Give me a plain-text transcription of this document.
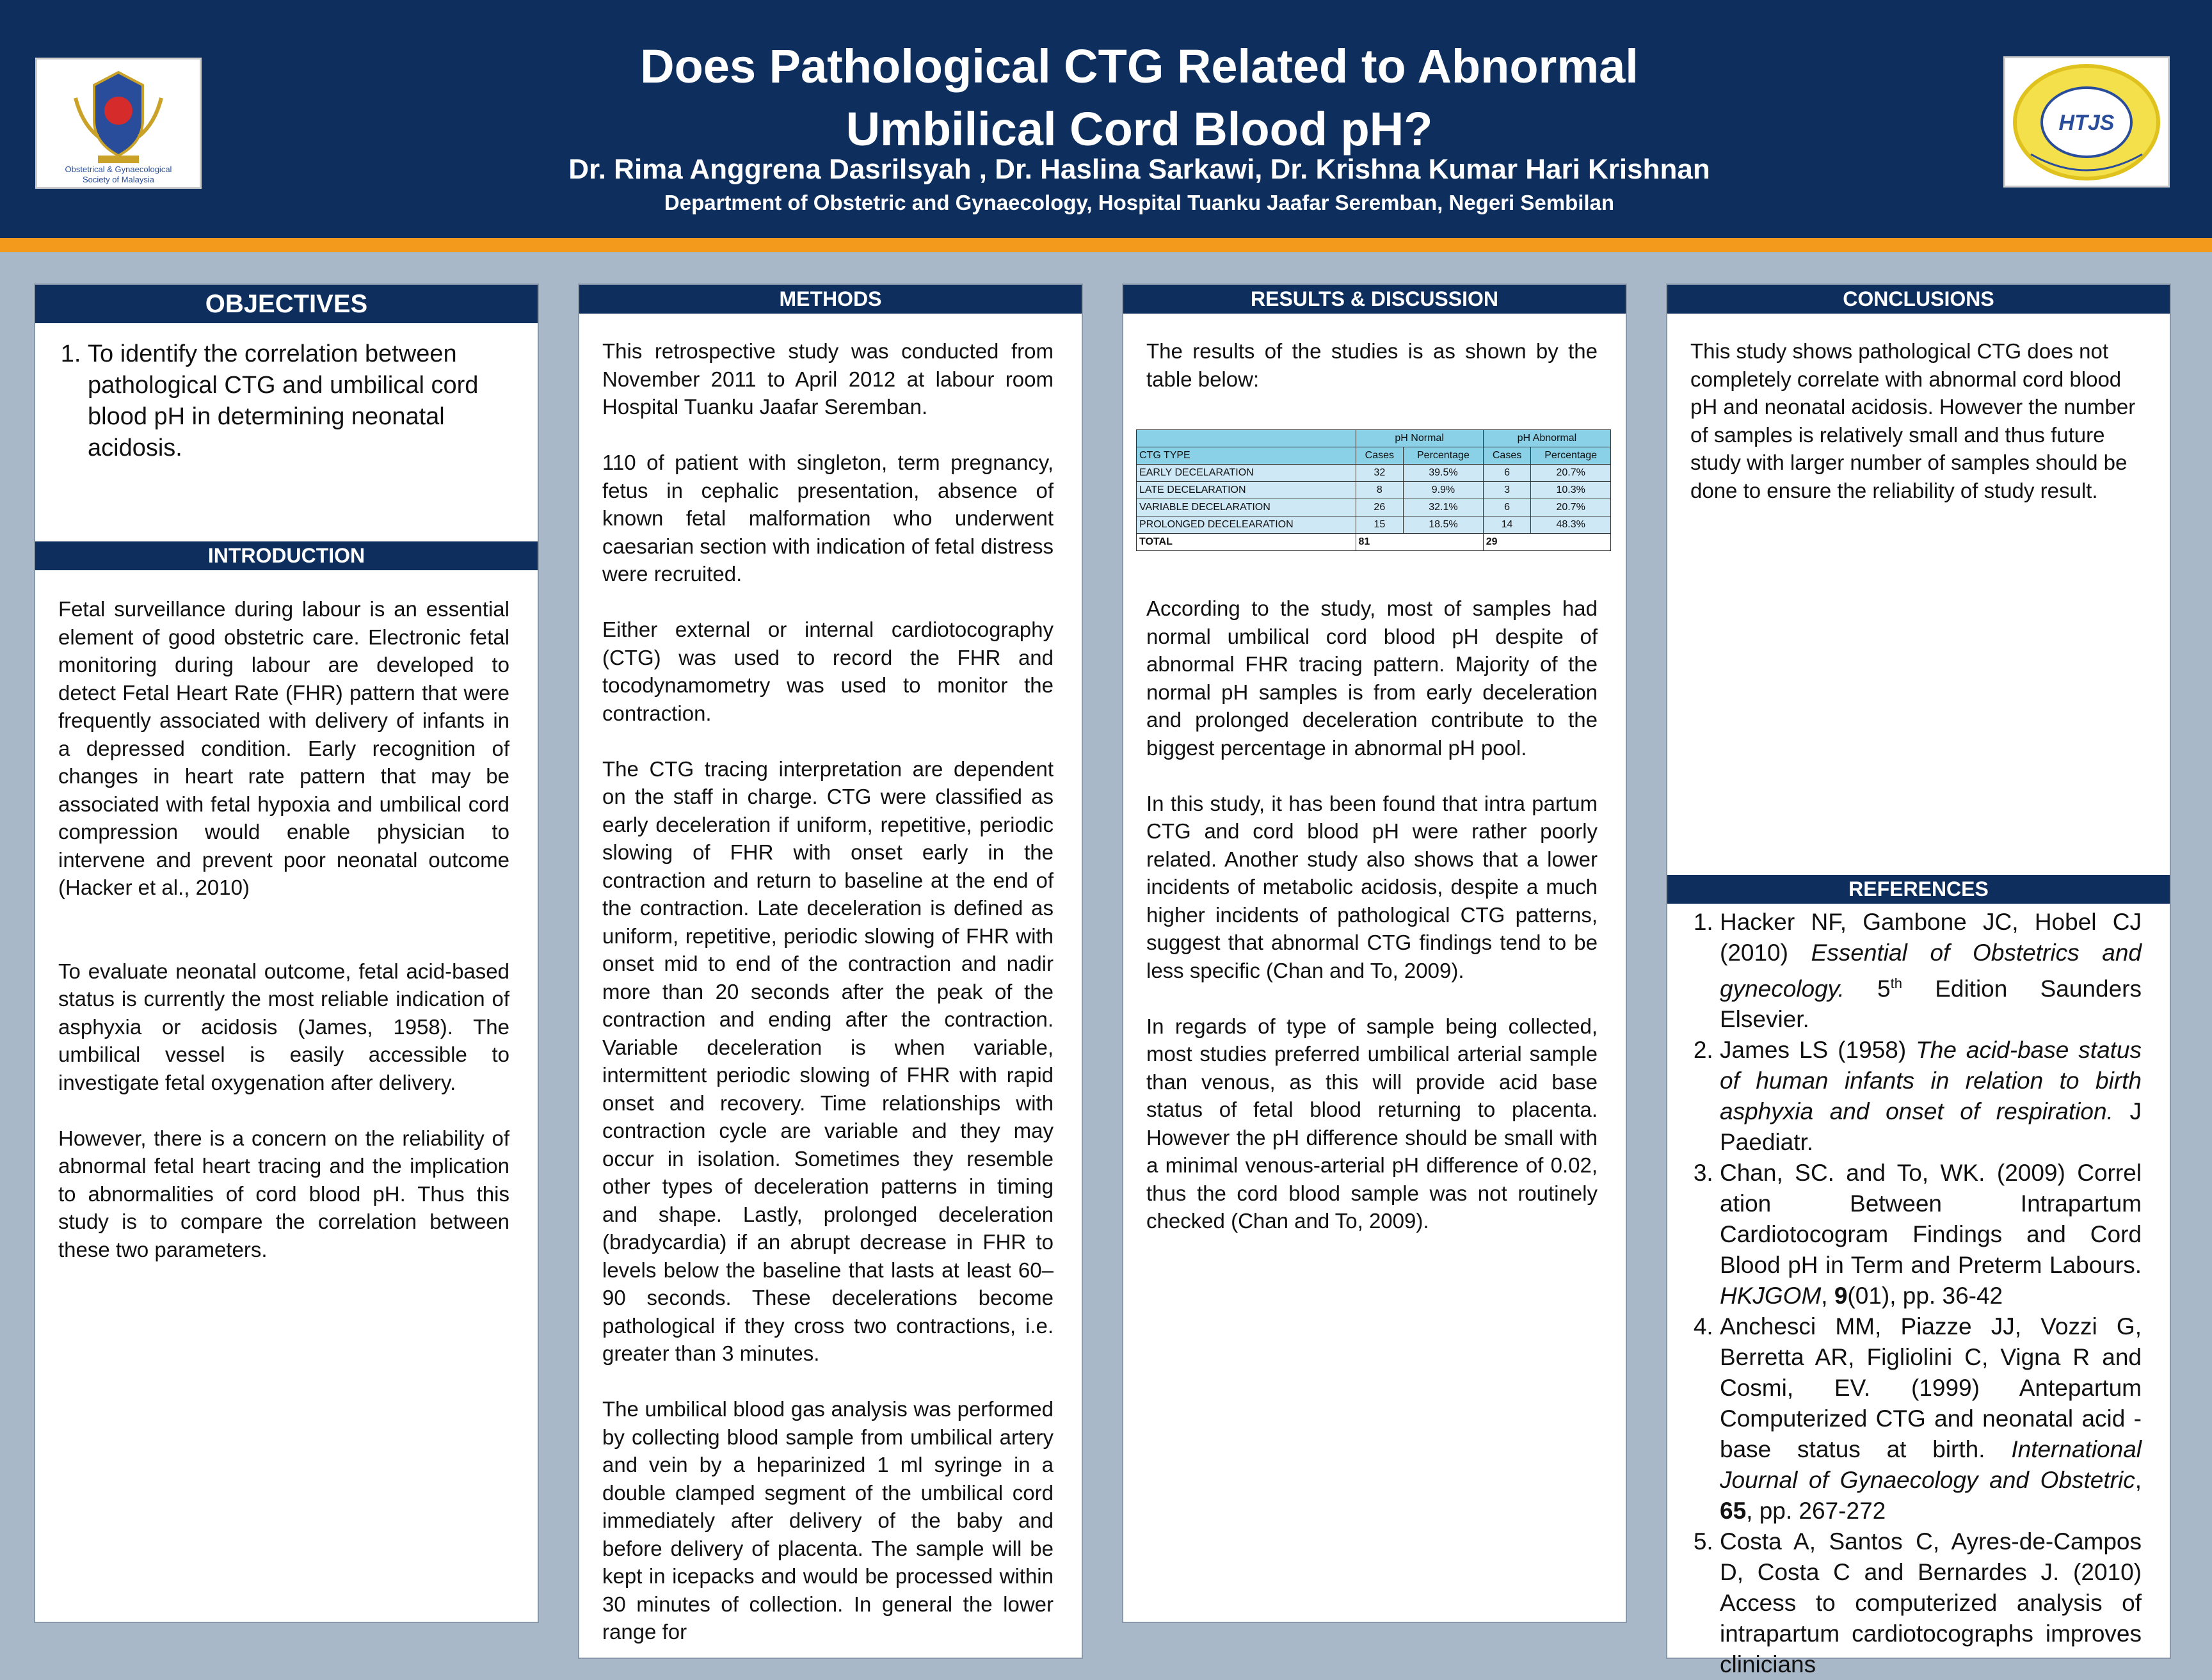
Obstetrical & Gynaecological
Society of Malaysia
Does Pathological CTG Related to Abnormal
Umbilical Cord Blood pH?
Dr. Rima Anggrena Dasrilsyah , Dr. Haslina Sarkawi, Dr. Krishna Kumar Hari Krishnan
Department of Obstetric and Gynaecology, Hospital Tuanku Jaafar Seremban, Negeri Sembilan
HTJS
OBJECTIVES
1. To identify the correlation between pathological CTG and umbilical cord blood pH in determining neonatal acidosis.
INTRODUCTION

Fetal surveillance during labour is an essential element of good obstetric care. Electronic fetal monitoring during labour are developed to detect Fetal Heart Rate (FHR) pattern that were frequently associated with delivery of infants in a depressed condition. Early recognition of changes in heart rate pattern that may be associated with fetal hypoxia and umbilical cord compression would enable physician to intervene and prevent poor neonatal outcome (Hacker et al., 2010)

To evaluate neonatal outcome, fetal acid-based status is currently the most reliable indication of asphyxia or acidosis (James, 1958). The umbilical vessel is easily accessible to investigate fetal oxygenation after delivery.

However, there is a concern on the reliability of abnormal fetal heart tracing and the implication to abnormalities of cord blood pH. Thus this study is to compare the correlation between these two parameters.

METHODS

This retrospective study was conducted from November 2011 to April 2012 at labour room Hospital Tuanku Jaafar Seremban.

110 of patient with singleton, term pregnancy, fetus in cephalic presentation, absence of known fetal malformation who underwent caesarian section with indication of fetal distress were recruited.

Either external or internal cardiotocography (CTG) was used to record the FHR and tocodynamometry was used to monitor the contraction.

The CTG tracing interpretation are dependent on the staff in charge. CTG were classified as early deceleration if uniform, repetitive, periodic slowing of FHR with onset early in the contraction and return to baseline at the end of the contraction. Late deceleration is defined as uniform, repetitive, periodic slowing of FHR with onset mid to end of the contraction and nadir more than 20 seconds after the peak of the contraction and ending after the contraction. Variable deceleration is when variable, intermittent periodic slowing of FHR with rapid onset and recovery. Time relationships with contraction cycle are variable and they may occur in isolation. Sometimes they resemble other types of deceleration patterns in timing and shape. Lastly, prolonged deceleration (bradycardia) if an abrupt decrease in FHR to levels below the baseline that lasts at least 60–90 seconds. These decelerations become pathological if they cross two contractions, i.e. greater than 3 minutes.

The umbilical blood gas analysis was performed by collecting blood sample from umbilical artery and vein by a heparinized 1 ml syringe in a double clamped segment of the umbilical cord immediately after delivery of the baby and before delivery of placenta. The sample will be kept in icepacks and would be processed within 30 minutes of collection. In general the lower range for

RESULTS & DISCUSSION

The results of the studies is as shown by the table below:

	pH Normal		pH Abnormal	
CTG TYPE	Cases	Percentage	Cases	Percentage
EARLY DECELARATION	32	39.5%	6	20.7%
LATE DECELARATION	8	9.9%	3	10.3%
VARIABLE DECELARATION	26	32.1%	6	20.7%
PROLONGED DECELEARATION	15	18.5%	14	48.3%
TOTAL	81		29	

According to the study, most of samples had normal umbilical cord blood pH despite of abnormal FHR tracing pattern. Majority of the normal pH samples is from early deceleration and prolonged deceleration contribute to the biggest percentage in abnormal pH pool.

In this study, it has been found that intra partum CTG and cord blood pH were rather poorly related. Another study also shows that a lower incidents of metabolic acidosis, despite a much higher incidents of pathological CTG patterns, suggest that abnormal CTG findings tend to be less specific (Chan and To, 2009).

In regards of type of sample being collected, most studies preferred umbilical arterial sample than venous, as this will provide acid base status of fetal blood returning to placenta. However the pH difference should be small with a minimal venous-arterial pH difference of 0.02, thus the cord blood sample was not routinely checked (Chan and To, 2009).

CONCLUSIONS

This study shows pathological CTG does not completely correlate with abnormal cord blood pH and neonatal acidosis. However the number of samples is relatively small and thus future study with larger number of samples should be done to ensure the reliability of study result.

REFERENCES
1. Hacker NF, Gambone JC, Hobel CJ (2010) Essential of Obstetrics and gynecology. 5th Edition Saunders Elsevier.
2. James LS (1958) The acid-base status of human infants in relation to birth asphyxia and onset of respiration. J Paediatr.
3. Chan, SC. and To, WK. (2009) Correl ation Between Intrapartum Cardiotocogram Findings and Cord Blood pH in Term and Preterm Labours. HKJGOM, 9(01), pp. 36-42
4. Anchesci MM, Piazze JJ, Vozzi G, Berretta AR, Figliolini C, Vigna R and Cosmi, EV. (1999) Antepartum Computerized CTG and neonatal acid -base status at birth. International Journal of Gynaecology and Obstetric, 65, pp. 267-272
5. Costa A, Santos C, Ayres-de-Campos D, Costa C and Bernardes J. (2010) Access to computerized analysis of intrapartum cardiotocographs improves clinicians
